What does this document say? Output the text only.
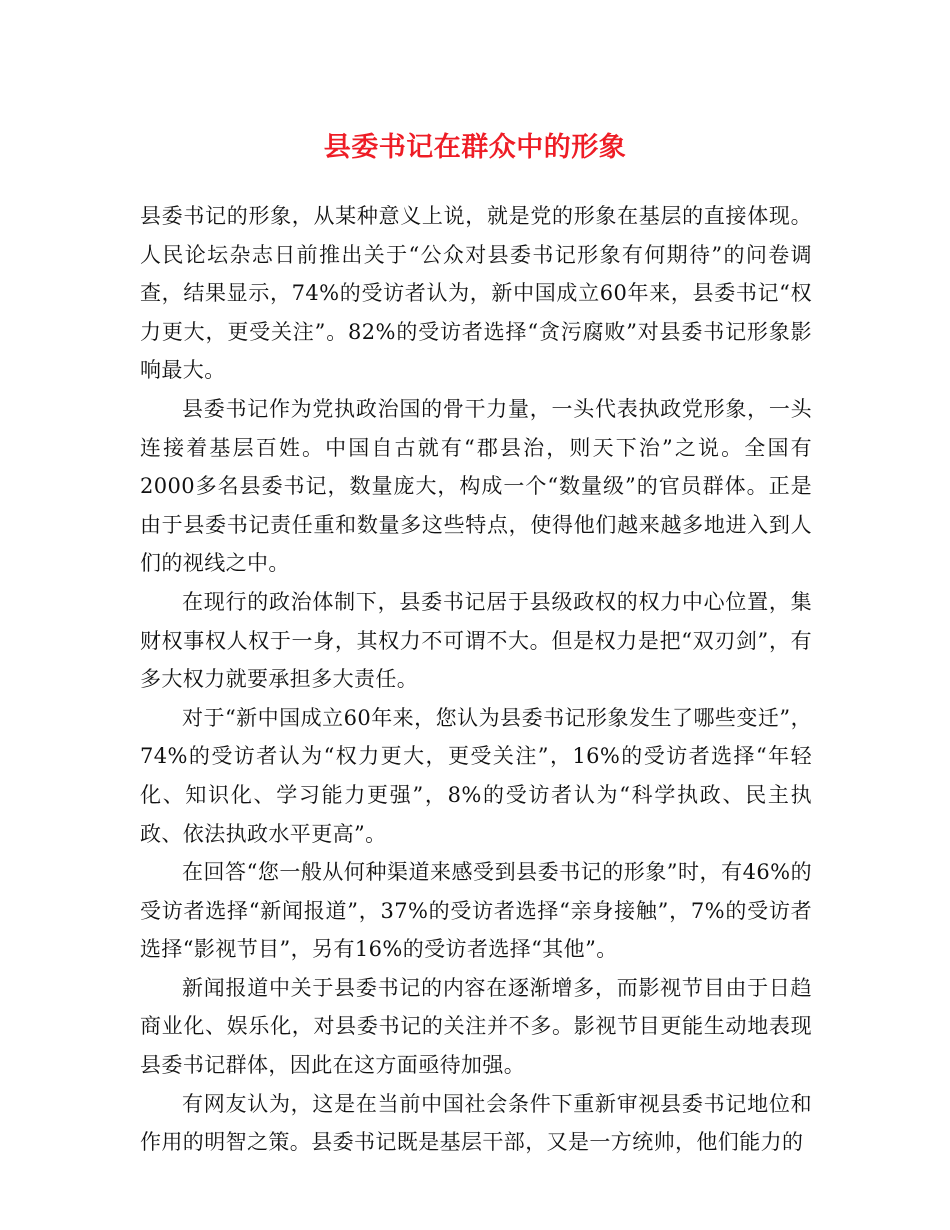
县委书记在群众中的形象

县委书记的形象，从某种意义上说，就是党的形象在基层的直接体现。人民论坛杂志日前推出关于“公众对县委书记形象有何期待”的问卷调查，结果显示，74%的受访者认为，新中国成立60年来，县委书记“权力更大，更受关注”。82%的受访者选择“贪污腐败”对县委书记形象影响最大。

县委书记作为党执政治国的骨干力量，一头代表执政党形象，一头连接着基层百姓。中国自古就有“郡县治，则天下治”之说。全国有2000多名县委书记，数量庞大，构成一个“数量级”的官员群体。正是由于县委书记责任重和数量多这些特点，使得他们越来越多地进入到人们的视线之中。

在现行的政治体制下，县委书记居于县级政权的权力中心位置，集财权事权人权于一身，其权力不可谓不大。但是权力是把“双刃剑”，有多大权力就要承担多大责任。

对于“新中国成立60年来，您认为县委书记形象发生了哪些变迁”，74%的受访者认为“权力更大，更受关注”，16%的受访者选择“年轻化、知识化、学习能力更强”，8%的受访者认为“科学执政、民主执政、依法执政水平更高”。

在回答“您一般从何种渠道来感受到县委书记的形象”时，有46%的受访者选择“新闻报道”，37%的受访者选择“亲身接触”，7%的受访者选择“影视节目”，另有16%的受访者选择“其他”。

新闻报道中关于县委书记的内容在逐渐增多，而影视节目由于日趋商业化、娱乐化，对县委书记的关注并不多。影视节目更能生动地表现县委书记群体，因此在这方面亟待加强。

有网友认为，这是在当前中国社会条件下重新审视县委书记地位和作用的明智之策。县委书记既是基层干部，又是一方统帅，他们能力的
